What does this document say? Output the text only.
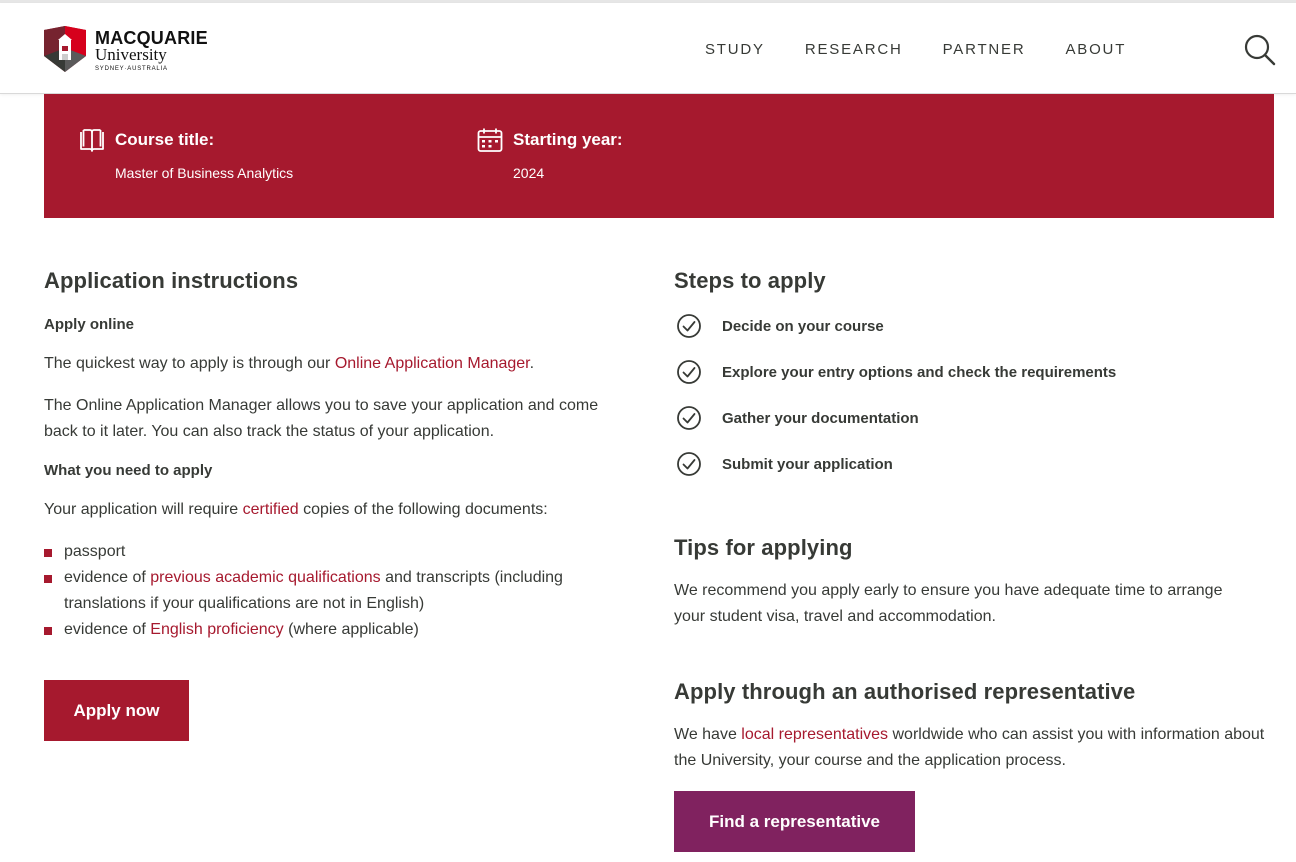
MACQUARIE
University
SYDNEY·AUSTRALIA
STUDY	RESEARCH	PARTNER	ABOUT
Course title:
Master of Business Analytics
Starting year:
2024
Application instructions
Apply online

The quickest way to apply is through our Online Application Manager.

The Online Application Manager allows you to save your application and come back to it later. You can also track the status of your application.

What you need to apply

Your application will require certified copies of the following documents:

passport
evidence of previous academic qualifications and transcripts (including translations if your qualifications are not in English)
evidence of English proficiency (where applicable)
Apply now
Steps to apply
Decide on your course
Explore your entry options and check the requirements
Gather your documentation
Submit your application
Tips for applying

We recommend you apply early to ensure you have adequate time to arrange your student visa, travel and accommodation.

Apply through an authorised representative

We have local representatives worldwide who can assist you with information about the University, your course and the application process.

Find a representative
